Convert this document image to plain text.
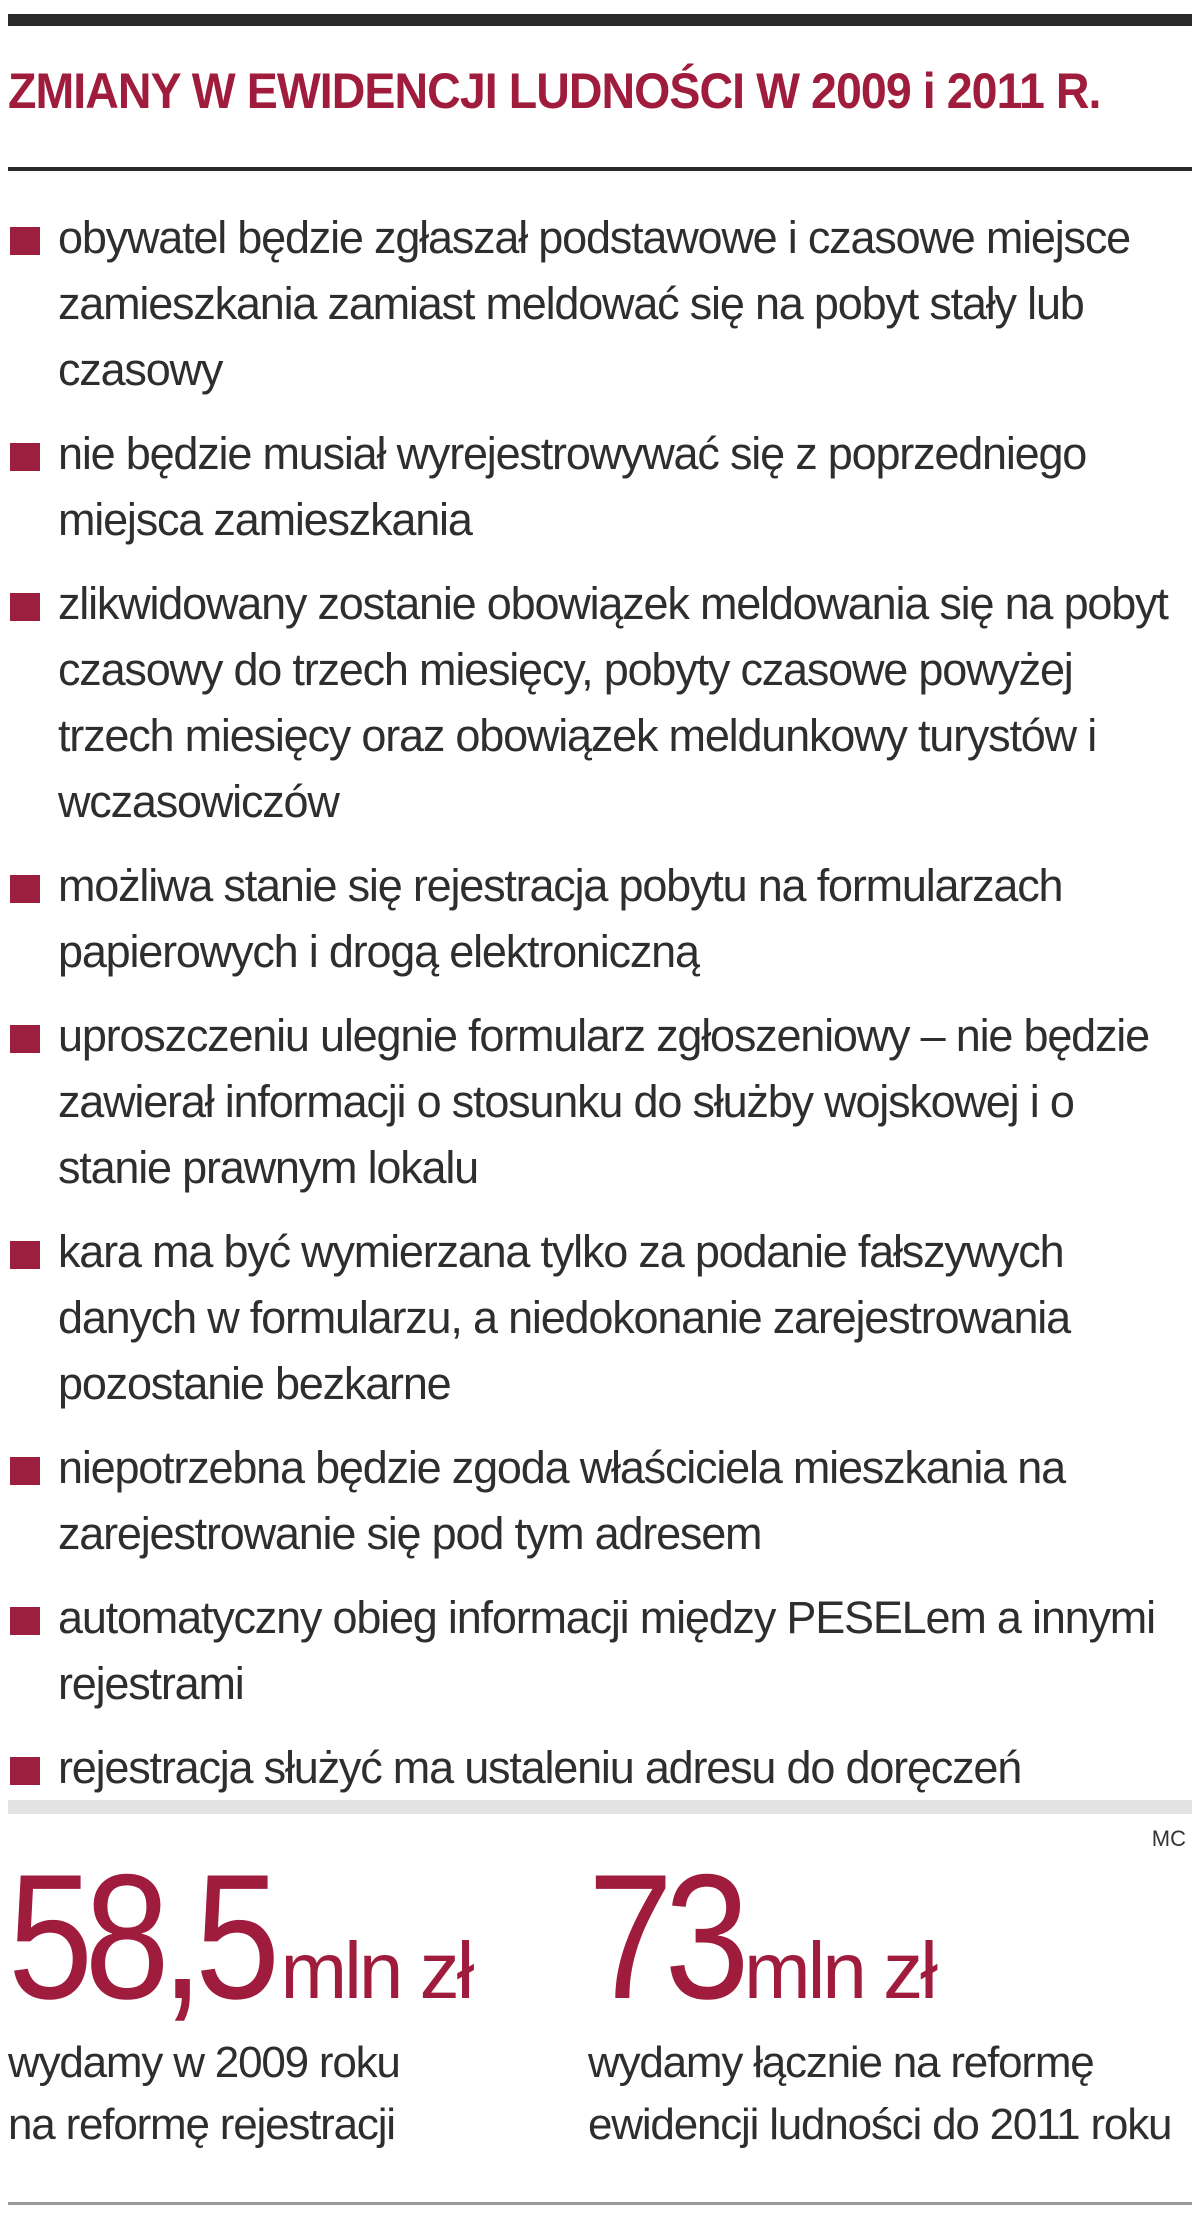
ZMIANY W EWIDENCJI LUDNOŚCI W 2009 i 2011 R.
obywatel będzie zgłaszał podstawowe i czasowe miejsce zamieszkania zamiast meldować się na pobyt stały lub czasowy
nie będzie musiał wyrejestrowywać się z poprzedniego miejsca zamieszkania
zlikwidowany zostanie obowiązek meldowania się na pobyt czasowy do trzech miesięcy, pobyty czasowe powyżej trzech miesięcy oraz obowiązek meldunkowy turystów i wczasowiczów
możliwa stanie się rejestracja pobytu na formularzach papierowych i drogą elektroniczną
uproszczeniu ulegnie formularz zgłoszeniowy – nie będzie zawierał informacji o stosunku do służby wojskowej i o stanie prawnym lokalu
kara ma być wymierzana tylko za podanie fałszywych danych w formularzu, a niedokonanie zarejestrowania pozostanie bezkarne
niepotrzebna będzie zgoda właściciela mieszkania na zarejestrowanie się pod tym adresem
automatyczny obieg informacji między PESELem a innymi rejestrami
rejestracja służyć ma ustaleniu adresu do doręczeń
MC
58,5 mln zł
wydamy w 2009 roku
na reformę rejestracji
73mln zł
wydamy łącznie na reformę
ewidencji ludności do 2011 roku
